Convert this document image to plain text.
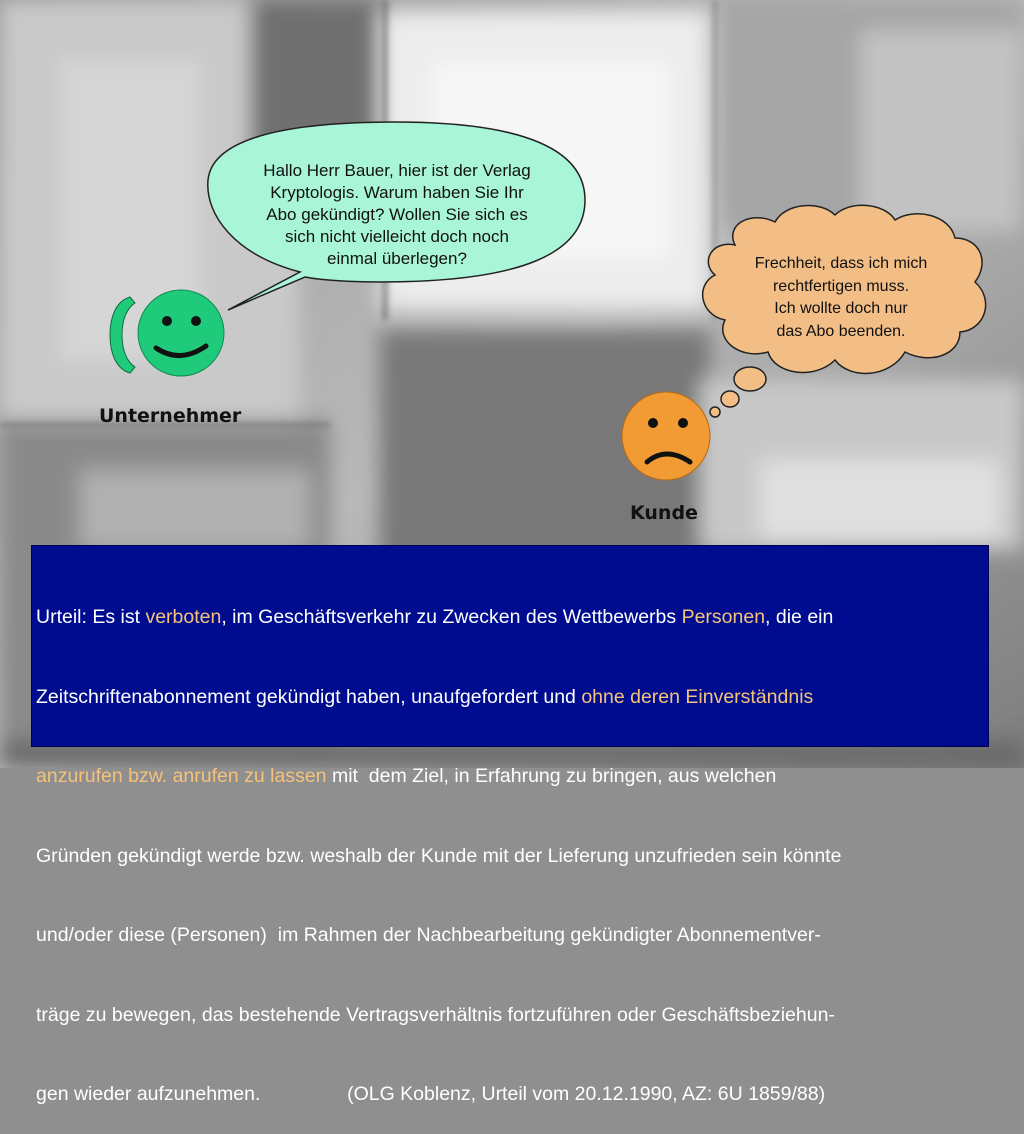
Hallo Herr Bauer, hier ist der Verlag
Kryptologis. Warum haben Sie Ihr
Abo gekündigt? Wollen Sie sich es
sich nicht vielleicht doch noch
einmal überlegen?	Frechheit, dass ich mich
rechtfertigen muss.
Ich wollte doch nur
das Abo beenden.
Unternehmer
Kunde

Urteil: Es ist verboten, im Geschäftsverkehr zu Zwecken des Wettbewerbs Personen, die ein

Zeitschriftenabonnement gekündigt haben, unaufgefordert und ohne deren Einverständnis

anzurufen bzw. anrufen zu lassen mit  dem Ziel, in Erfahrung zu bringen, aus welchen

Gründen gekündigt werde bzw. weshalb der Kunde mit der Lieferung unzufrieden sein könnte

und/oder diese (Personen)  im Rahmen der Nachbearbeitung gekündigter Abonnementver-

träge zu bewegen, das bestehende Vertragsverhältnis fortzuführen oder Geschäftsbeziehun-

gen wieder aufzunehmen.                (OLG Koblenz, Urteil vom 20.12.1990, AZ: 6U 1859/88)
